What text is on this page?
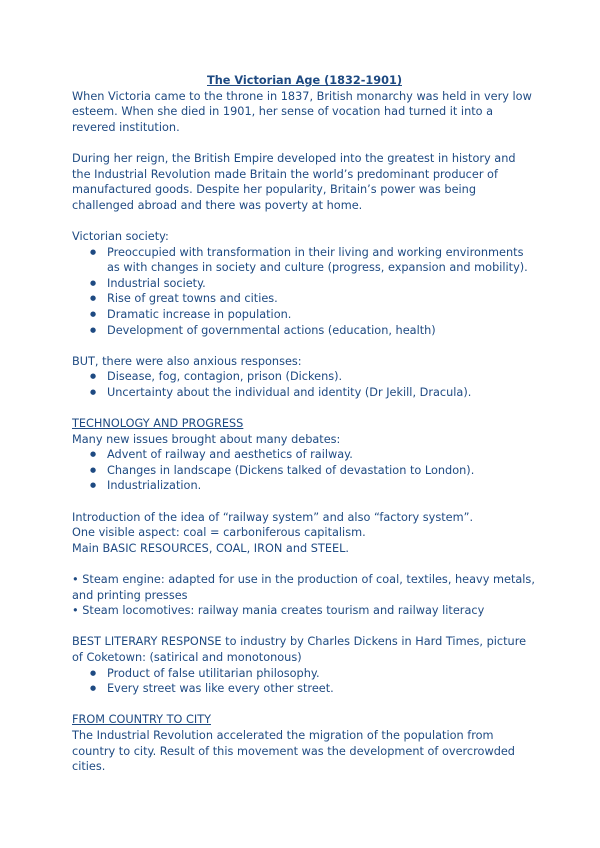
The Victorian Age (1832-1901)

When Victoria came to the throne in 1837, British monarchy was held in very low esteem. When she died in 1901, her sense of vocation had turned it into a revered institution.

During her reign, the British Empire developed into the greatest in history and the Industrial Revolution made Britain the world’s predominant producer of manufactured goods. Despite her popularity, Britain’s power was being challenged abroad and there was poverty at home.

Victorian society:

● Preoccupied with transformation in their living and working environments as with changes in society and culture (progress, expansion and mobility).
● Industrial society.
● Rise of great towns and cities.
● Dramatic increase in population.
● Development of governmental actions (education, health)

BUT, there were also anxious responses:

● Disease, fog, contagion, prison (Dickens).
● Uncertainty about the individual and identity (Dr Jekill, Dracula).

TECHNOLOGY AND PROGRESS

Many new issues brought about many debates:

● Advent of railway and aesthetics of railway.
● Changes in landscape (Dickens talked of devastation to London).
● Industrialization.

Introduction of the idea of “railway system” and also “factory system”.

One visible aspect: coal = carboniferous capitalism.

Main BASIC RESOURCES, COAL, IRON and STEEL.

• Steam engine: adapted for use in the production of coal, textiles, heavy metals, and printing presses

• Steam locomotives: railway mania creates tourism and railway literacy

BEST LITERARY RESPONSE to industry by Charles Dickens in Hard Times, picture of Coketown: (satirical and monotonous)

● Product of false utilitarian philosophy.
● Every street was like every other street.

FROM COUNTRY TO CITY

The Industrial Revolution accelerated the migration of the population from country to city. Result of this movement was the development of overcrowded cities.
